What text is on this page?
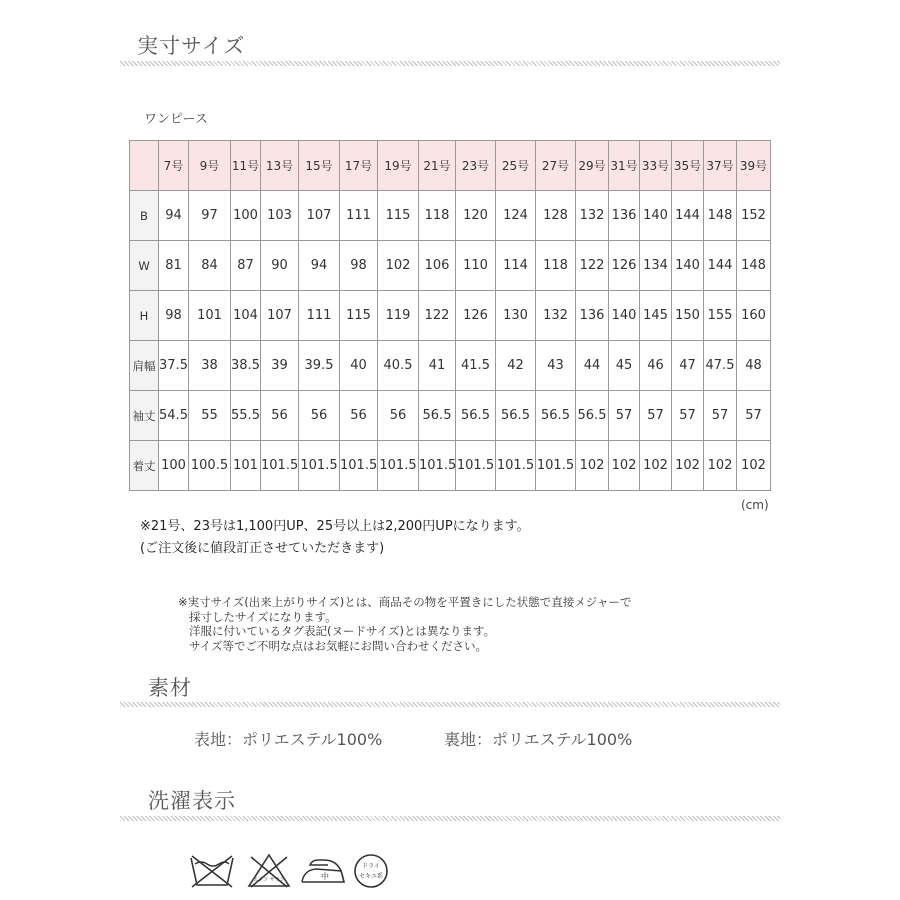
実寸サイズ
ワンピース
	7号	9号	11号	13号	15号	17号	19号	21号	23号	25号	27号	29号	31号	33号	35号	37号	39号
B	94	97	100	103	107	111	115	118	120	124	128	132	136	140	144	148	152
W	81	84	87	90	94	98	102	106	110	114	118	122	126	134	140	144	148
H	98	101	104	107	111	115	119	122	126	130	132	136	140	145	150	155	160
肩幅	37.5	38	38.5	39	39.5	40	40.5	41	41.5	42	43	44	45	46	47	47.5	48
袖丈	54.5	55	55.5	56	56	56	56	56.5	56.5	56.5	56.5	56.5	57	57	57	57	57
着丈	100	100.5	101	101.5	101.5	101.5	101.5	101.5	101.5	101.5	101.5	102	102	102	102	102	102
(cm)
※21号、23号は1,100円UP、25号以上は2,200円UPになります。
(ご注文後に値段訂正させていただきます)
※実寸サイズ(出来上がりサイズ)とは、商品その物を平置きにした状態で直接メジャーで
採寸したサイズになります。
洋服に付いているタグ表記(ヌードサイズ)とは異なります。
サイズ等でご不明な点はお気軽にお問い合わせください。
素材
表地：ポリエステル100%	裏地：ポリエステル100%
洗濯表示
エンソ サラシ	中
ドライ
セキユ系
